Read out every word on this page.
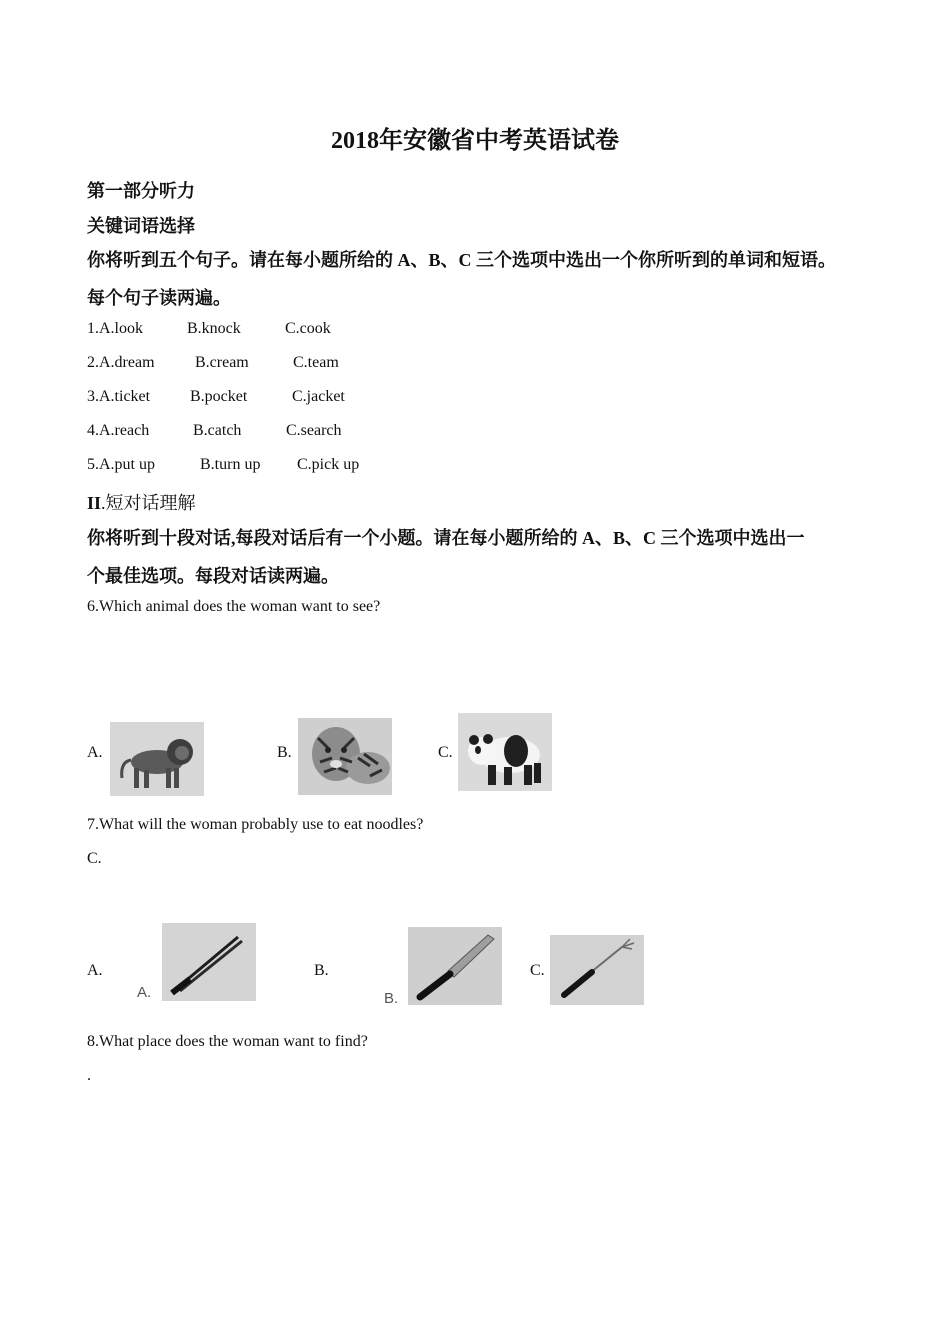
2018年安徽省中考英语试卷
第一部分听力
关键词语选择
你将听到五个句子。请在每小题所给的 A、B、C 三个选项中选出一个你所听到的单词和短语。
每个句子读两遍。
1.A.look	B.knock	C.cook
2.A.dream	B.cream	C.team
3.A.ticket B.pocket	C.jacket
4.A.reach	B.catch	C.search
5.A.put up	B.turn up C.pick up
II.短对话理解
你将听到十段对话,每段对话后有一个小题。请在每小题所给的 A、B、C 三个选项中选出一
个最佳选项。每段对话读两遍。
6.Which animal does the woman want to see?
A.	B.	C.
7.What will the woman probably use to eat noodles?
C.
A.
A.
B.
B.
C.
8.What place does the woman want to find?
.
